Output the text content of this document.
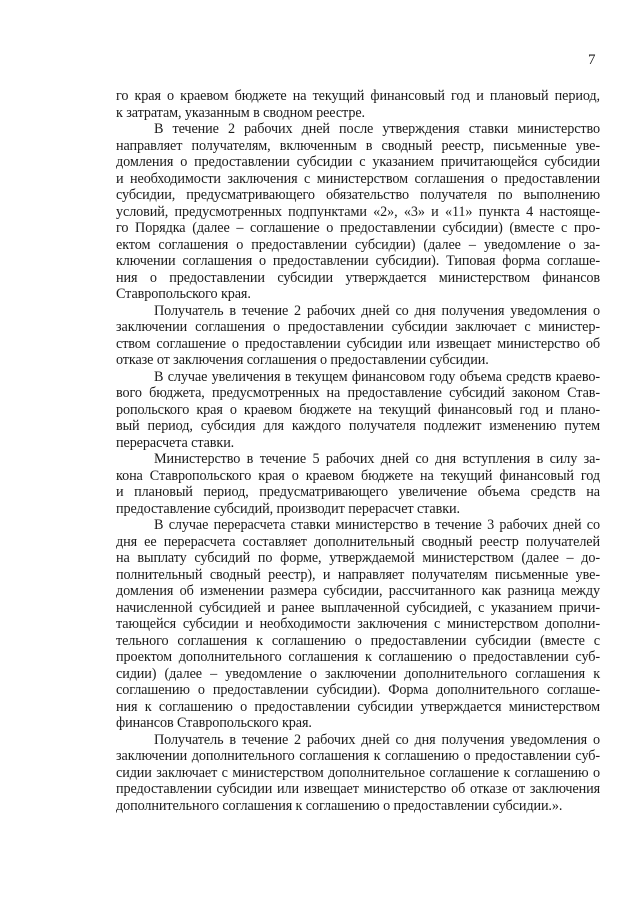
7
го края о краевом бюджете на текущий финансовый год и плановый период,
к затратам, указанным в сводном реестре.
В течение 2 рабочих дней после утверждения ставки министерство
направляет получателям, включенным в сводный реестр, письменные уве-
домления о предоставлении субсидии с указанием причитающейся субсидии
и необходимости заключения с министерством соглашения о предоставлении
субсидии, предусматривающего обязательство получателя по выполнению
условий, предусмотренных подпунктами «2», «3» и «11» пункта 4 настояще-
го Порядка (далее – соглашение о предоставлении субсидии) (вместе с про-
ектом соглашения о предоставлении субсидии) (далее – уведомление о за-
ключении соглашения о предоставлении субсидии). Типовая форма соглаше-
ния о предоставлении субсидии утверждается министерством финансов
Ставропольского края.
Получатель в течение 2 рабочих дней со дня получения уведомления о
заключении соглашения о предоставлении субсидии заключает с министер-
ством соглашение о предоставлении субсидии или извещает министерство об
отказе от заключения соглашения о предоставлении субсидии.
В случае увеличения в текущем финансовом году объема средств краево-
вого бюджета, предусмотренных на предоставление субсидий законом Став-
ропольского края о краевом бюджете на текущий финансовый год и плано-
вый период, субсидия для каждого получателя подлежит изменению путем
перерасчета ставки.
Министерство в течение 5 рабочих дней со дня вступления в силу за-
кона Ставропольского края о краевом бюджете на текущий финансовый год
и плановый период, предусматривающего увеличение объема средств на
предоставление субсидий, производит перерасчет ставки.
В случае перерасчета ставки министерство в течение 3 рабочих дней со
дня ее перерасчета составляет дополнительный сводный реестр получателей
на выплату субсидий по форме, утверждаемой министерством (далее – до-
полнительный сводный реестр), и направляет получателям письменные уве-
домления об изменении размера субсидии, рассчитанного как разница между
начисленной субсидией и ранее выплаченной субсидией, с указанием причи-
тающейся субсидии и необходимости заключения с министерством дополни-
тельного соглашения к соглашению о предоставлении субсидии (вместе с
проектом дополнительного соглашения к соглашению о предоставлении суб-
сидии) (далее – уведомление о заключении дополнительного соглашения к
соглашению о предоставлении субсидии). Форма дополнительного соглаше-
ния к соглашению о предоставлении субсидии утверждается министерством
финансов Ставропольского края.
Получатель в течение 2 рабочих дней со дня получения уведомления о
заключении дополнительного соглашения к соглашению о предоставлении суб-
сидии заключает с министерством дополнительное соглашение к соглашению о
предоставлении субсидии или извещает министерство об отказе от заключения
дополнительного соглашения к соглашению о предоставлении субсидии.».
